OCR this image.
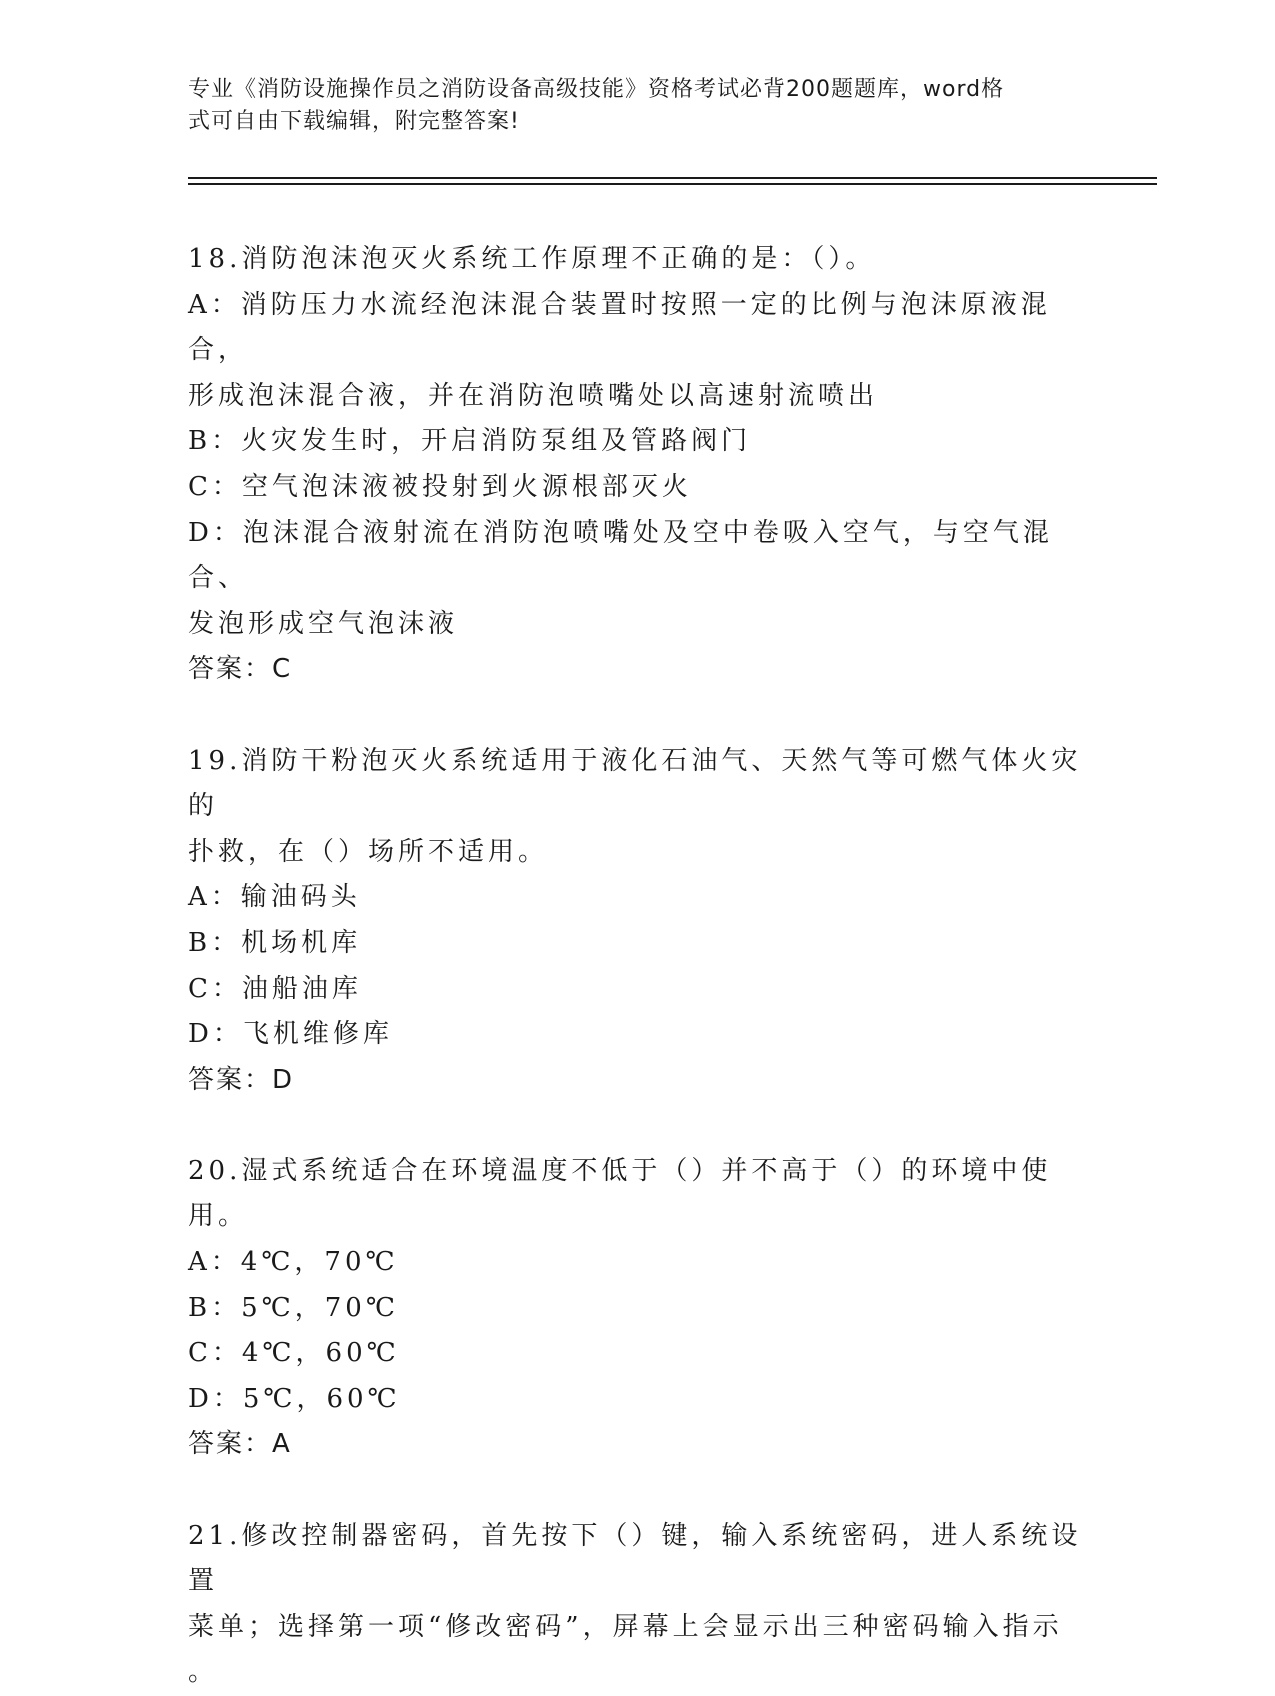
专业《消防设施操作员之消防设备高级技能》资格考试必背200题题库，word格
式可自由下载编辑，附完整答案!
18.消防泡沫泡灭火系统工作原理不正确的是：（）。
A：消防压力水流经泡沫混合装置时按照一定的比例与泡沫原液混合，
形成泡沫混合液，并在消防泡喷嘴处以高速射流喷出
B：火灾发生时，开启消防泵组及管路阀门
C：空气泡沫液被投射到火源根部灭火
D：泡沫混合液射流在消防泡喷嘴处及空中卷吸入空气，与空气混合、
发泡形成空气泡沫液
答案：C
19.消防干粉泡灭火系统适用于液化石油气、天然气等可燃气体火灾的
扑救，在（）场所不适用。
A：输油码头
B：机场机库
C：油船油库
D：飞机维修库
答案：D
20.湿式系统适合在环境温度不低于（）并不高于（）的环境中使用。
A：4℃，70℃
B：5℃，70℃
C：4℃，60℃
D：5℃，60℃
答案：A
21.修改控制器密码，首先按下（）键，输入系统密码，进人系统设置
菜单；选择第一项“修改密码”，屏幕上会显示出三种密码输入指示
。
